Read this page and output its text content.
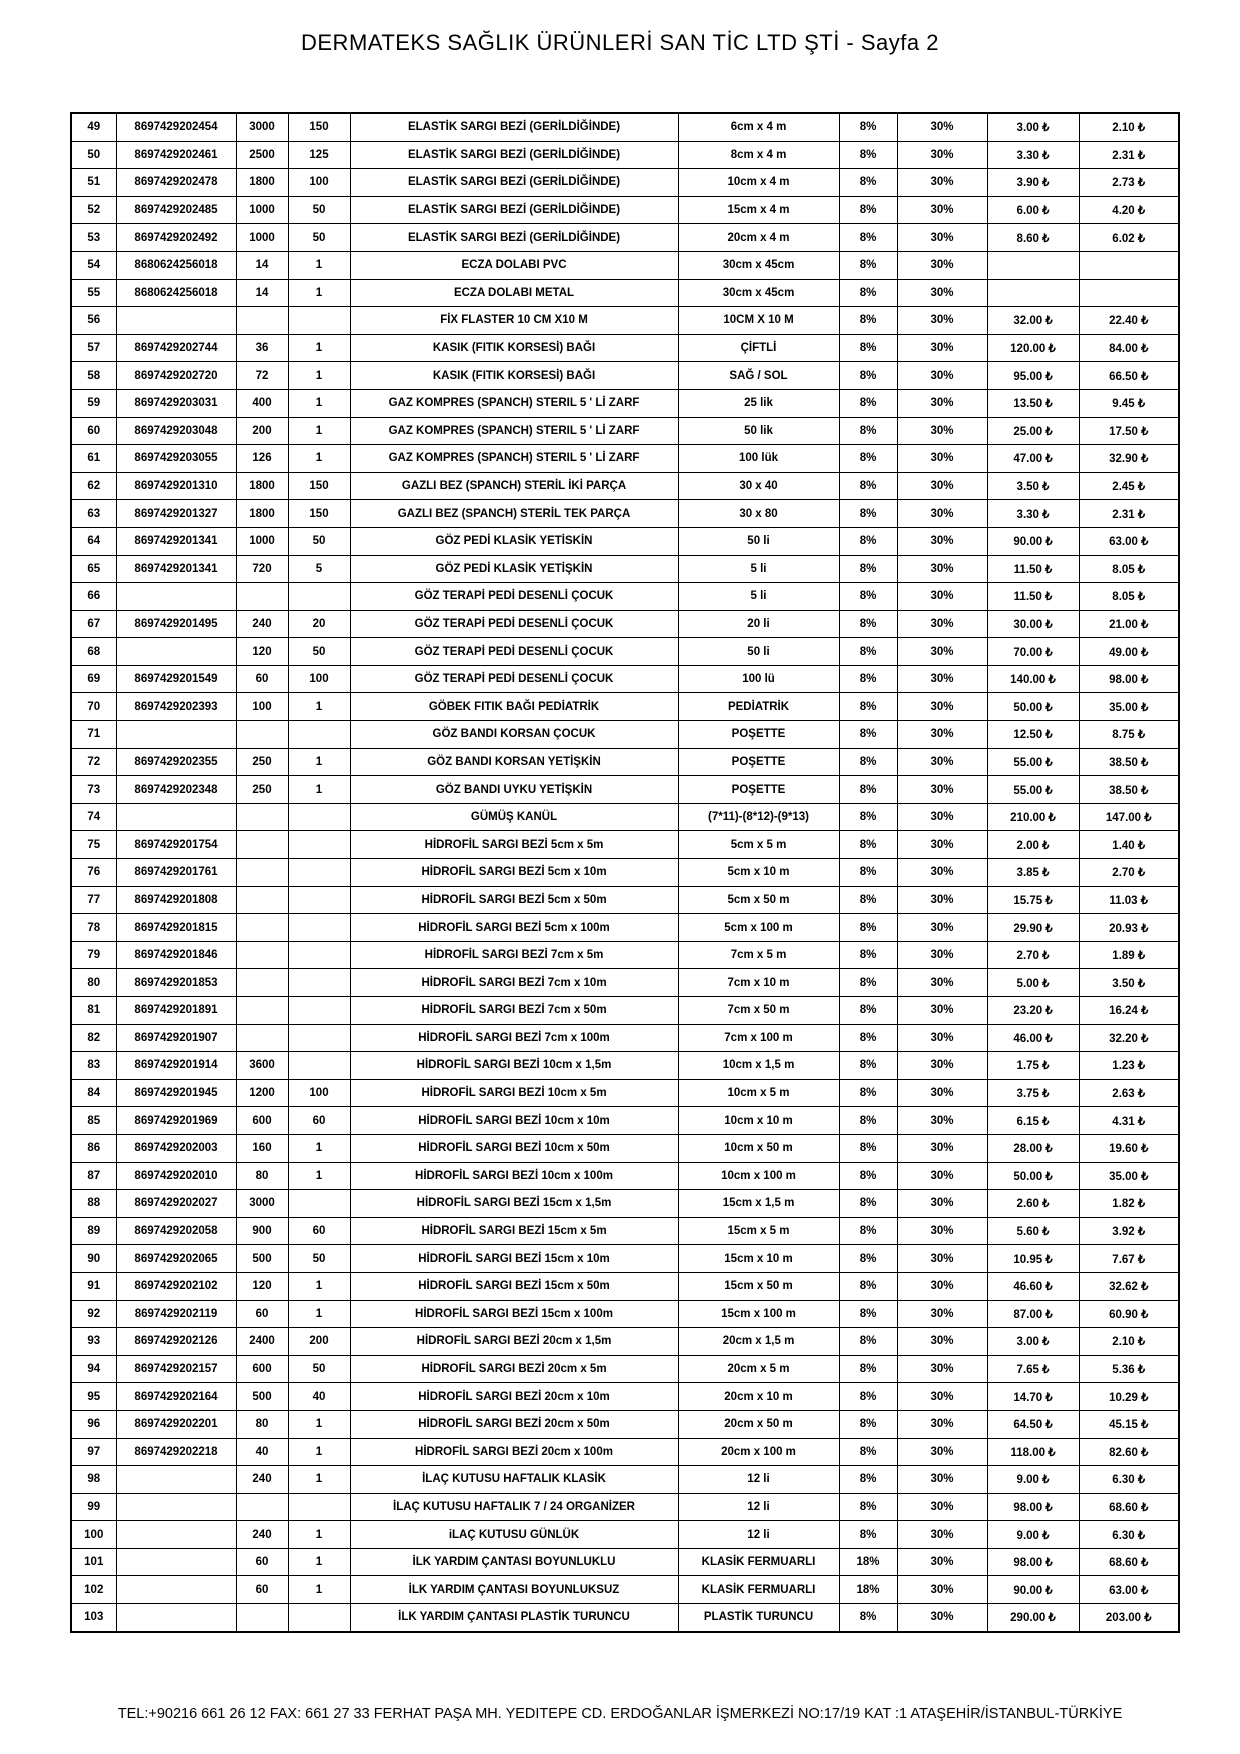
DERMATEKS SAĞLIK ÜRÜNLERİ SAN TİC LTD ŞTİ - Sayfa 2
49	8697429202454	3000	150	ELASTİK SARGI BEZİ (GERİLDİĞİNDE)	6cm x 4 m	8%	30%	3.00 ₺	2.10 ₺
50	8697429202461	2500	125	ELASTİK SARGI BEZİ (GERİLDİĞİNDE)	8cm x 4 m	8%	30%	3.30 ₺	2.31 ₺
51	8697429202478	1800	100	ELASTİK SARGI BEZİ (GERİLDİĞİNDE)	10cm x 4 m	8%	30%	3.90 ₺	2.73 ₺
52	8697429202485	1000	50	ELASTİK SARGI BEZİ (GERİLDİĞİNDE)	15cm x 4 m	8%	30%	6.00 ₺	4.20 ₺
53	8697429202492	1000	50	ELASTİK SARGI BEZİ (GERİLDİĞİNDE)	20cm x 4 m	8%	30%	8.60 ₺	6.02 ₺
54	8680624256018	14	1	ECZA DOLABI PVC	30cm x 45cm	8%	30%		
55	8680624256018	14	1	ECZA DOLABI METAL	30cm x 45cm	8%	30%		
56				FİX FLASTER 10 CM X10 M	10CM X 10 M	8%	30%	32.00 ₺	22.40 ₺
57	8697429202744	36	1	KASIK (FITIK KORSESİ) BAĞI	ÇİFTLİ	8%	30%	120.00 ₺	84.00 ₺
58	8697429202720	72	1	KASIK (FITIK KORSESİ) BAĞI	SAĞ / SOL	8%	30%	95.00 ₺	66.50 ₺
59	8697429203031	400	1	GAZ KOMPRES (SPANCH) STERIL 5 ' Lİ ZARF	25 lik	8%	30%	13.50 ₺	9.45 ₺
60	8697429203048	200	1	GAZ KOMPRES (SPANCH) STERIL 5 ' Lİ ZARF	50 lik	8%	30%	25.00 ₺	17.50 ₺
61	8697429203055	126	1	GAZ KOMPRES (SPANCH) STERIL 5 ' Lİ ZARF	100 lük	8%	30%	47.00 ₺	32.90 ₺
62	8697429201310	1800	150	GAZLI BEZ (SPANCH) STERİL İKİ PARÇA	30 x 40	8%	30%	3.50 ₺	2.45 ₺
63	8697429201327	1800	150	GAZLI BEZ (SPANCH) STERİL TEK PARÇA	30 x 80	8%	30%	3.30 ₺	2.31 ₺
64	8697429201341	1000	50	GÖZ PEDİ KLASİK YETİSKİN	50 li	8%	30%	90.00 ₺	63.00 ₺
65	8697429201341	720	5	GÖZ PEDİ KLASİK YETİŞKİN	5 li	8%	30%	11.50 ₺	8.05 ₺
66				GÖZ TERAPİ PEDİ DESENLİ ÇOCUK	5 li	8%	30%	11.50 ₺	8.05 ₺
67	8697429201495	240	20	GÖZ TERAPİ PEDİ DESENLİ ÇOCUK	20 li	8%	30%	30.00 ₺	21.00 ₺
68		120	50	GÖZ TERAPİ PEDİ DESENLİ ÇOCUK	50 li	8%	30%	70.00 ₺	49.00 ₺
69	8697429201549	60	100	GÖZ TERAPİ PEDİ DESENLİ ÇOCUK	100 lü	8%	30%	140.00 ₺	98.00 ₺
70	8697429202393	100	1	GÖBEK FITIK BAĞI PEDİATRİK	PEDİATRİK	8%	30%	50.00 ₺	35.00 ₺
71				GÖZ BANDI KORSAN ÇOCUK	POŞETTE	8%	30%	12.50 ₺	8.75 ₺
72	8697429202355	250	1	GÖZ BANDI KORSAN YETİŞKİN	POŞETTE	8%	30%	55.00 ₺	38.50 ₺
73	8697429202348	250	1	GÖZ BANDI UYKU YETİŞKİN	POŞETTE	8%	30%	55.00 ₺	38.50 ₺
74				GÜMÜŞ KANÜL	(7*11)-(8*12)-(9*13)	8%	30%	210.00 ₺	147.00 ₺
75	8697429201754			HİDROFİL SARGI BEZİ 5cm x 5m	5cm x 5 m	8%	30%	2.00 ₺	1.40 ₺
76	8697429201761			HİDROFİL SARGI BEZİ 5cm x 10m	5cm x 10 m	8%	30%	3.85 ₺	2.70 ₺
77	8697429201808			HİDROFİL SARGI BEZİ 5cm x 50m	5cm x 50 m	8%	30%	15.75 ₺	11.03 ₺
78	8697429201815			HİDROFİL SARGI BEZİ 5cm x 100m	5cm x 100 m	8%	30%	29.90 ₺	20.93 ₺
79	8697429201846			HİDROFİL SARGI BEZİ 7cm x 5m	7cm x 5 m	8%	30%	2.70 ₺	1.89 ₺
80	8697429201853			HİDROFİL SARGI BEZİ 7cm x 10m	7cm x 10 m	8%	30%	5.00 ₺	3.50 ₺
81	8697429201891			HİDROFİL SARGI BEZİ 7cm x 50m	7cm x 50 m	8%	30%	23.20 ₺	16.24 ₺
82	8697429201907			HİDROFİL SARGI BEZİ 7cm x 100m	7cm x 100 m	8%	30%	46.00 ₺	32.20 ₺
83	8697429201914	3600		HİDROFİL SARGI BEZİ 10cm x 1,5m	10cm x 1,5 m	8%	30%	1.75 ₺	1.23 ₺
84	8697429201945	1200	100	HİDROFİL SARGI BEZİ 10cm x 5m	10cm x 5 m	8%	30%	3.75 ₺	2.63 ₺
85	8697429201969	600	60	HİDROFİL SARGI BEZİ 10cm x 10m	10cm x 10 m	8%	30%	6.15 ₺	4.31 ₺
86	8697429202003	160	1	HİDROFİL SARGI BEZİ 10cm x 50m	10cm x 50 m	8%	30%	28.00 ₺	19.60 ₺
87	8697429202010	80	1	HİDROFİL SARGI BEZİ 10cm x 100m	10cm x 100 m	8%	30%	50.00 ₺	35.00 ₺
88	8697429202027	3000		HİDROFİL SARGI BEZİ 15cm x 1,5m	15cm x 1,5 m	8%	30%	2.60 ₺	1.82 ₺
89	8697429202058	900	60	HİDROFİL SARGI BEZİ 15cm x 5m	15cm x 5 m	8%	30%	5.60 ₺	3.92 ₺
90	8697429202065	500	50	HİDROFİL SARGI BEZİ 15cm x 10m	15cm x 10 m	8%	30%	10.95 ₺	7.67 ₺
91	8697429202102	120	1	HİDROFİL SARGI BEZİ 15cm x 50m	15cm x 50 m	8%	30%	46.60 ₺	32.62 ₺
92	8697429202119	60	1	HİDROFİL SARGI BEZİ 15cm x 100m	15cm x 100 m	8%	30%	87.00 ₺	60.90 ₺
93	8697429202126	2400	200	HİDROFİL SARGI BEZİ 20cm x 1,5m	20cm x 1,5 m	8%	30%	3.00 ₺	2.10 ₺
94	8697429202157	600	50	HİDROFİL SARGI BEZİ 20cm x 5m	20cm x 5 m	8%	30%	7.65 ₺	5.36 ₺
95	8697429202164	500	40	HİDROFİL SARGI BEZİ 20cm x 10m	20cm x 10 m	8%	30%	14.70 ₺	10.29 ₺
96	8697429202201	80	1	HİDROFİL SARGI BEZİ 20cm x 50m	20cm x 50 m	8%	30%	64.50 ₺	45.15 ₺
97	8697429202218	40	1	HİDROFİL SARGI BEZİ 20cm x 100m	20cm x 100 m	8%	30%	118.00 ₺	82.60 ₺
98		240	1	İLAÇ KUTUSU HAFTALIK KLASİK	12 li	8%	30%	9.00 ₺	6.30 ₺
99				İLAÇ KUTUSU HAFTALIK 7 / 24 ORGANİZER	12 li	8%	30%	98.00 ₺	68.60 ₺
100		240	1	iLAÇ KUTUSU GÜNLÜK	12 li	8%	30%	9.00 ₺	6.30 ₺
101		60	1	İLK YARDIM ÇANTASI BOYUNLUKLU	KLASİK FERMUARLI	18%	30%	98.00 ₺	68.60 ₺
102		60	1	İLK YARDIM ÇANTASI BOYUNLUKSUZ	KLASİK FERMUARLI	18%	30%	90.00 ₺	63.00 ₺
103				İLK YARDIM ÇANTASI PLASTİK TURUNCU	PLASTİK TURUNCU	8%	30%	290.00 ₺	203.00 ₺
TEL:+90216 661 26 12 FAX: 661 27 33 FERHAT PAŞA MH. YEDITEPE CD. ERDOĞANLAR İŞMERKEZİ NO:17/19 KAT :1 ATAŞEHİR/İSTANBUL-TÜRKİYE
